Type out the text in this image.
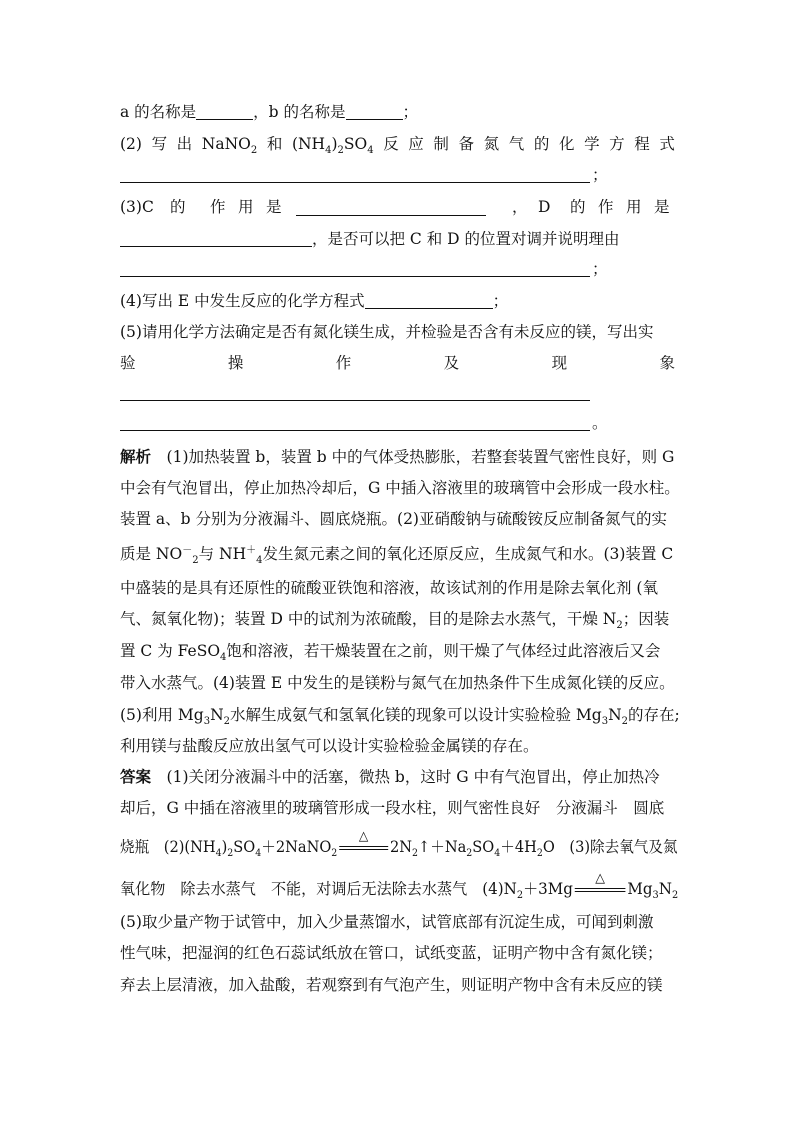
a 的名称是	，b 的名称是	；
(2) 写 出 NaNO$_2$ 和 $(NH_4)_2SO_4$ 反 应 制 备 氮 气 的 化 学 方 程 式
；
(3)C 的 作 用 是	， D 的 作 用 是
，是否可以把 C 和 D 的位置对调并说明理由
；
(4)写出 E 中发生反应的化学方程式	；
(5)请用化学方法确定是否有氮化镁生成，并检验是否含有未反应的镁，写出实
验	操	作	及	现	象
。
解析　 (1)加热装置 b，装置 b 中的气体受热膨胀，若整套装置气密性良好，则 G
中会有气泡冒出，停止加热冷却后，G 中插入溶液里的玻璃管中会形成一段水柱。
装置 a、b 分别为分液漏斗、圆底烧瓶。(2)亚硝酸钠与硫酸铵反应制备氮气的实
质是 $NO^-_2$与 $NH^+_4$发生氮元素之间的氧化还原反应，生成氮气和水。(3)装置 C
中盛装的是具有还原性的硫酸亚铁饱和溶液，故该试剂的作用是除去氧化剂 (氧
气、氮氧化物)；装置 D 中的试剂为浓硫酸，目的是除去水蒸气，干燥 $N_2$；因装
置 C 为 FeSO$_4$饱和溶液，若干燥装置在之前，则干燥了气体经过此溶液后又会
带入水蒸气。(4)装置 E 中发生的是镁粉与氮气在加热条件下生成氮化镁的反应。
(5)利用 $Mg_3N_2$水解生成氨气和氢氧化镁的现象可以设计实验检验 $Mg_3N_2$的存在;
利用镁与盐酸反应放出氢气可以设计实验检验金属镁的存在。
答案　 (1)关闭分液漏斗中的活塞，微热 b，这时 G 中有气泡冒出，停止加热冷
却后，G 中插在溶液里的玻璃管形成一段水柱，则气密性良好　分液漏斗　圆底
烧瓶　$(2)(NH_4)_2SO_4+2NaNO_2$
△
$2N_2↑+Na_2SO_4+4H_2O$　(3)除去氧气及氮
氧化物　除去水蒸气　不能，对调后无法除去水蒸气　$(4)N_2+3Mg$
△
$Mg_3N_2$
(5)取少量产物于试管中，加入少量蒸馏水，试管底部有沉淀生成，可闻到刺激
性气味，把湿润的红色石蕊试纸放在管口，试纸变蓝，证明产物中含有氮化镁；
弃去上层清液，加入盐酸，若观察到有气泡产生，则证明产物中含有未反应的镁
